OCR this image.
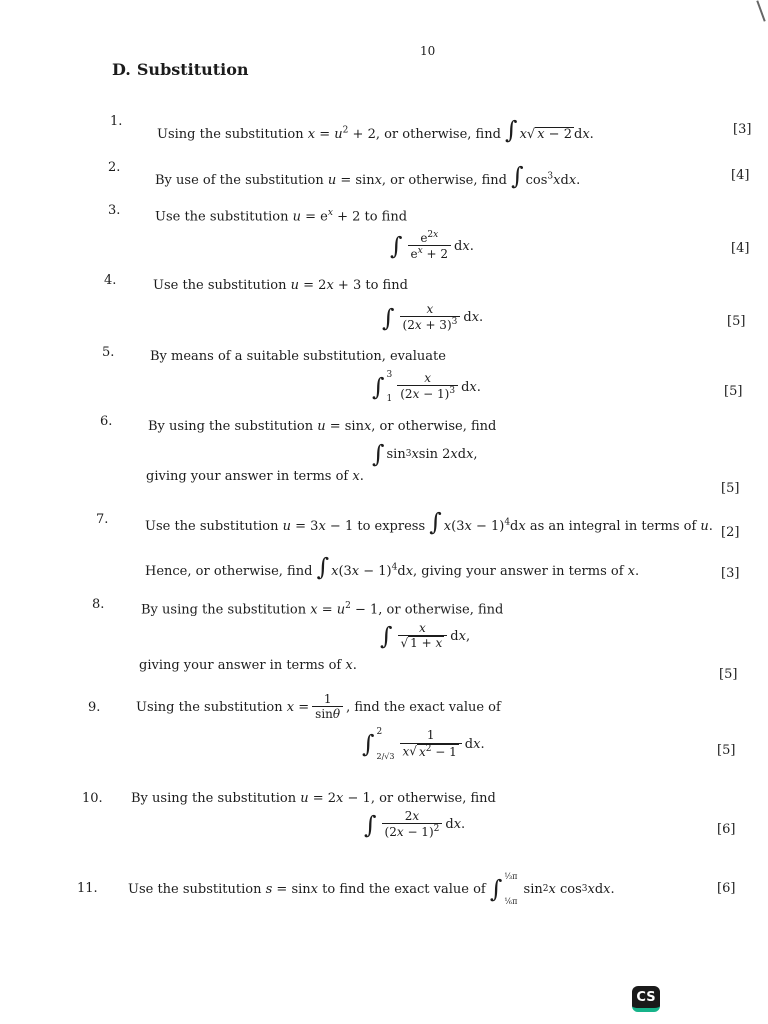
10
D. Substitution
1.
Using the substitution $x = u^2 + 2$, or otherwise, find ∫ x√ x − 2 dx.	[3]
2.
By use of the substitution u = sinx, or otherwise, find ∫ $\cos^3xdx$.	[4]
3.	Use the substitution $u = e^x + 2$ to find
∫ $\frac{e^{2x}}{e^x + 2}$ d x .	[4]
4.	Use the substitution u = 2x + 3 to find
∫ $\frac{x}{(2x + 3)^3}$ d x .	[5]
5.	By means of a suitable substitution, evaluate
∫ 3
$1 \frac{x}{(2x - 1)^3}$ d x .	[5]
6.	By using the substitution u = sinx, or otherwise, find
∫ sin 3 x sin 2 x d x ,
giving your answer in terms of x.
[5]
7.	Use the substitution u = 3x − 1 to express ∫ $x(3x - 1)^4dx$ as an integral in terms of u. [2]
Hence, or otherwise, find ∫ $x(3x - 1)^4dx$, giving your answer in terms of x.	[3]
8.	By using the substitution $x = u^2 - 1$, or otherwise, find
∫ $\frac{x}{√ 1 + x}$ d x ,
giving your answer in terms of x.
[5]
9.	Using the substitution
$x = \frac{1}{\sin\theta}$ , find the exact value of
∫ 2
$2/√3 \frac{1}{x√ x^2 - 1}$ d x .	[5]
10. By using the substitution u = 2x − 1, or otherwise, find
∫ $\frac{2x}{(2x - 1)^2}$ d x .	[6]
11. Use the substitution
s = sin x
to find the exact value of
∫ ⅓π
⅙π
sin 2 x cos 3 x d x .	[6]
CS
